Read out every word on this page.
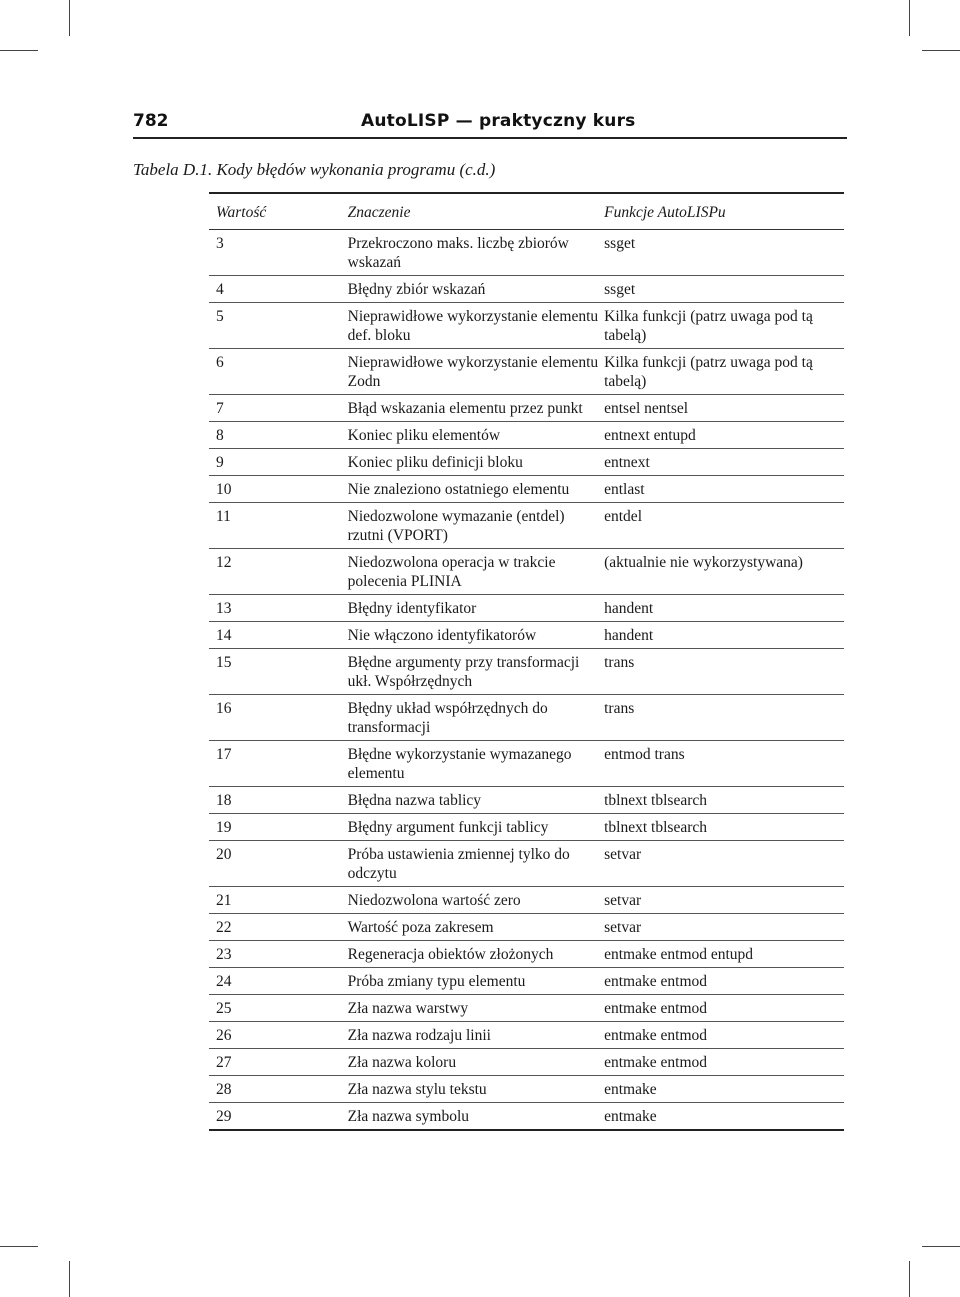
782	AutoLISP — praktyczny kurs
Tabela D.1. Kody błędów wykonania programu (c.d.)
Wartość	Znaczenie	Funkcje AutoLISPu
3	Przekroczono maks. liczbę zbiorów wskazań	ssget
4	Błędny zbiór wskazań	ssget
5	Nieprawidłowe wykorzystanie elementu def. bloku	Kilka funkcji (patrz uwaga pod tą tabelą)
6	Nieprawidłowe wykorzystanie elementu Zodn	Kilka funkcji (patrz uwaga pod tą tabelą)
7	Błąd wskazania elementu przez punkt	entsel nentsel
8	Koniec pliku elementów	entnext entupd
9	Koniec pliku definicji bloku	entnext
10	Nie znaleziono ostatniego elementu	entlast
11	Niedozwolone wymazanie (entdel) rzutni (VPORT)	entdel
12	Niedozwolona operacja w trakcie polecenia PLINIA	(aktualnie nie wykorzystywana)
13	Błędny identyfikator	handent
14	Nie włączono identyfikatorów	handent
15	Błędne argumenty przy transformacji ukł. Współrzędnych	trans
16	Błędny układ współrzędnych do transformacji	trans
17	Błędne wykorzystanie wymazanego elementu	entmod trans
18	Błędna nazwa tablicy	tblnext tblsearch
19	Błędny argument funkcji tablicy	tblnext tblsearch
20	Próba ustawienia zmiennej tylko do odczytu	setvar
21	Niedozwolona wartość zero	setvar
22	Wartość poza zakresem	setvar
23	Regeneracja obiektów złożonych	entmake entmod entupd
24	Próba zmiany typu elementu	entmake entmod
25	Zła nazwa warstwy	entmake entmod
26	Zła nazwa rodzaju linii	entmake entmod
27	Zła nazwa koloru	entmake entmod
28	Zła nazwa stylu tekstu	entmake
29	Zła nazwa symbolu	entmake
